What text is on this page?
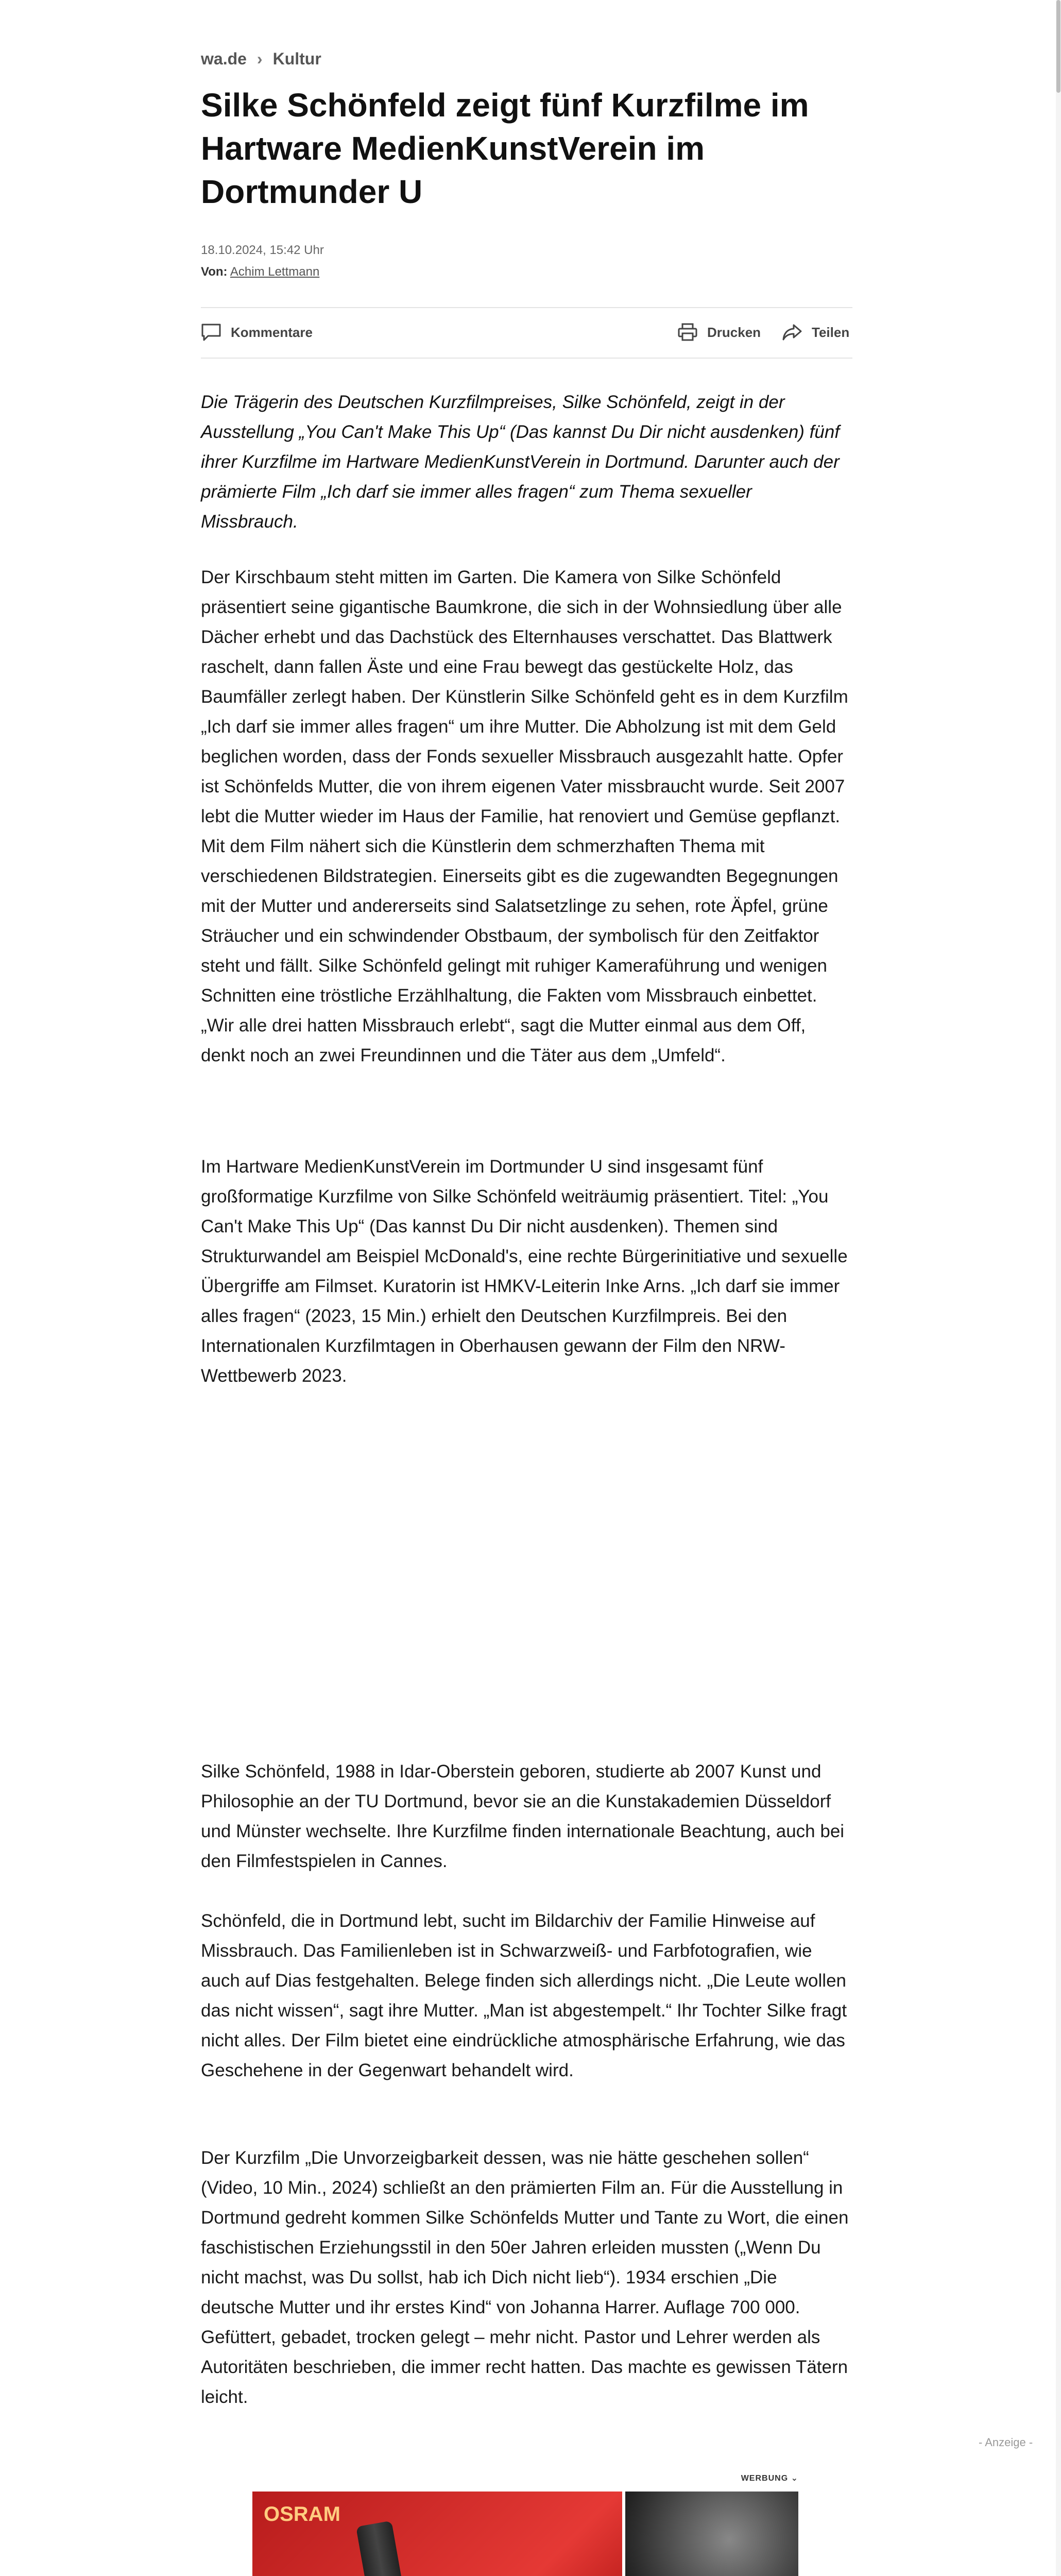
wa.de › Kultur
Silke Schönfeld zeigt fünf Kurzfilme im Hartware MedienKunstVerein im Dortmunder U
18.10.2024, 15:42 Uhr
Von: Achim Lettmann
Kommentare	Drucken	Teilen

Die Trägerin des Deutschen Kurzfilmpreises, Silke Schönfeld, zeigt in der Ausstellung „You Can't Make This Up“ (Das kannst Du Dir nicht ausdenken) fünf ihrer Kurzfilme im Hartware MedienKunstVerein in Dortmund. Darunter auch der prämierte Film „Ich darf sie immer alles fragen“ zum Thema sexueller Missbrauch.

Der Kirschbaum steht mitten im Garten. Die Kamera von Silke Schönfeld präsentiert seine gigantische Baumkrone, die sich in der Wohnsiedlung über alle Dächer erhebt und das Dachstück des Elternhauses verschattet. Das Blattwerk raschelt, dann fallen Äste und eine Frau bewegt das gestückelte Holz, das Baumfäller zerlegt haben. Der Künstlerin Silke Schönfeld geht es in dem Kurzfilm „Ich darf sie immer alles fragen“ um ihre Mutter. Die Abholzung ist mit dem Geld beglichen worden, dass der Fonds sexueller Missbrauch ausgezahlt hatte. Opfer ist Schönfelds Mutter, die von ihrem eigenen Vater missbraucht wurde. Seit 2007 lebt die Mutter wieder im Haus der Familie, hat renoviert und Gemüse gepflanzt. Mit dem Film nähert sich die Künstlerin dem schmerzhaften Thema mit verschiedenen Bildstrategien. Einerseits gibt es die zugewandten Begegnungen mit der Mutter und andererseits sind Salatsetzlinge zu sehen, rote Äpfel, grüne Sträucher und ein schwindender Obstbaum, der symbolisch für den Zeitfaktor steht und fällt. Silke Schönfeld gelingt mit ruhiger Kameraführung und wenigen Schnitten eine tröstliche Erzählhaltung, die Fakten vom Missbrauch einbettet. „Wir alle drei hatten Missbrauch erlebt“, sagt die Mutter einmal aus dem Off, denkt noch an zwei Freundinnen und die Täter aus dem „Umfeld“.

Im Hartware MedienKunstVerein im Dortmunder U sind insgesamt fünf großformatige Kurzfilme von Silke Schönfeld weiträumig präsentiert. Titel: „You Can't Make This Up“ (Das kannst Du Dir nicht ausdenken). Themen sind Strukturwandel am Beispiel McDonald's, eine rechte Bürgerinitiative und sexuelle Übergriffe am Filmset. Kuratorin ist HMKV-Leiterin Inke Arns. „Ich darf sie immer alles fragen“ (2023, 15 Min.) erhielt den Deutschen Kurzfilmpreis. Bei den Internationalen Kurzfilmtagen in Oberhausen gewann der Film den NRW-Wettbewerb 2023.

Silke Schönfeld, 1988 in Idar-Oberstein geboren, studierte ab 2007 Kunst und Philosophie an der TU Dortmund, bevor sie an die Kunstakademien Düsseldorf und Münster wechselte. Ihre Kurzfilme finden internationale Beachtung, auch bei den Filmfestspielen in Cannes.

Schönfeld, die in Dortmund lebt, sucht im Bildarchiv der Familie Hinweise auf Missbrauch. Das Familienleben ist in Schwarzweiß- und Farbfotografien, wie auch auf Dias festgehalten. Belege finden sich allerdings nicht. „Die Leute wollen das nicht wissen“, sagt ihre Mutter. „Man ist abgestempelt.“ Ihr Tochter Silke fragt nicht alles. Der Film bietet eine eindrückliche atmosphärische Erfahrung, wie das Geschehene in der Gegenwart behandelt wird.

Der Kurzfilm „Die Unvorzeigbarkeit dessen, was nie hätte geschehen sollen“ (Video, 10 Min., 2024) schließt an den prämierten Film an. Für die Ausstellung in Dortmund gedreht kommen Silke Schönfelds Mutter und Tante zu Wort, die einen faschistischen Erziehungsstil in den 50er Jahren erleiden mussten („Wenn Du nicht machst, was Du sollst, hab ich Dich nicht lieb“). 1934 erschien „Die deutsche Mutter und ihr erstes Kind“ von Johanna Harrer. Auflage 700 000. Gefüttert, gebadet, trocken gelegt – mehr nicht. Pastor und Lehrer werden als Autoritäten beschrieben, die immer recht hatten. Das machte es gewissen Tätern leicht.

- Anzeige -
WERBUNG ⌄
OSRAM
